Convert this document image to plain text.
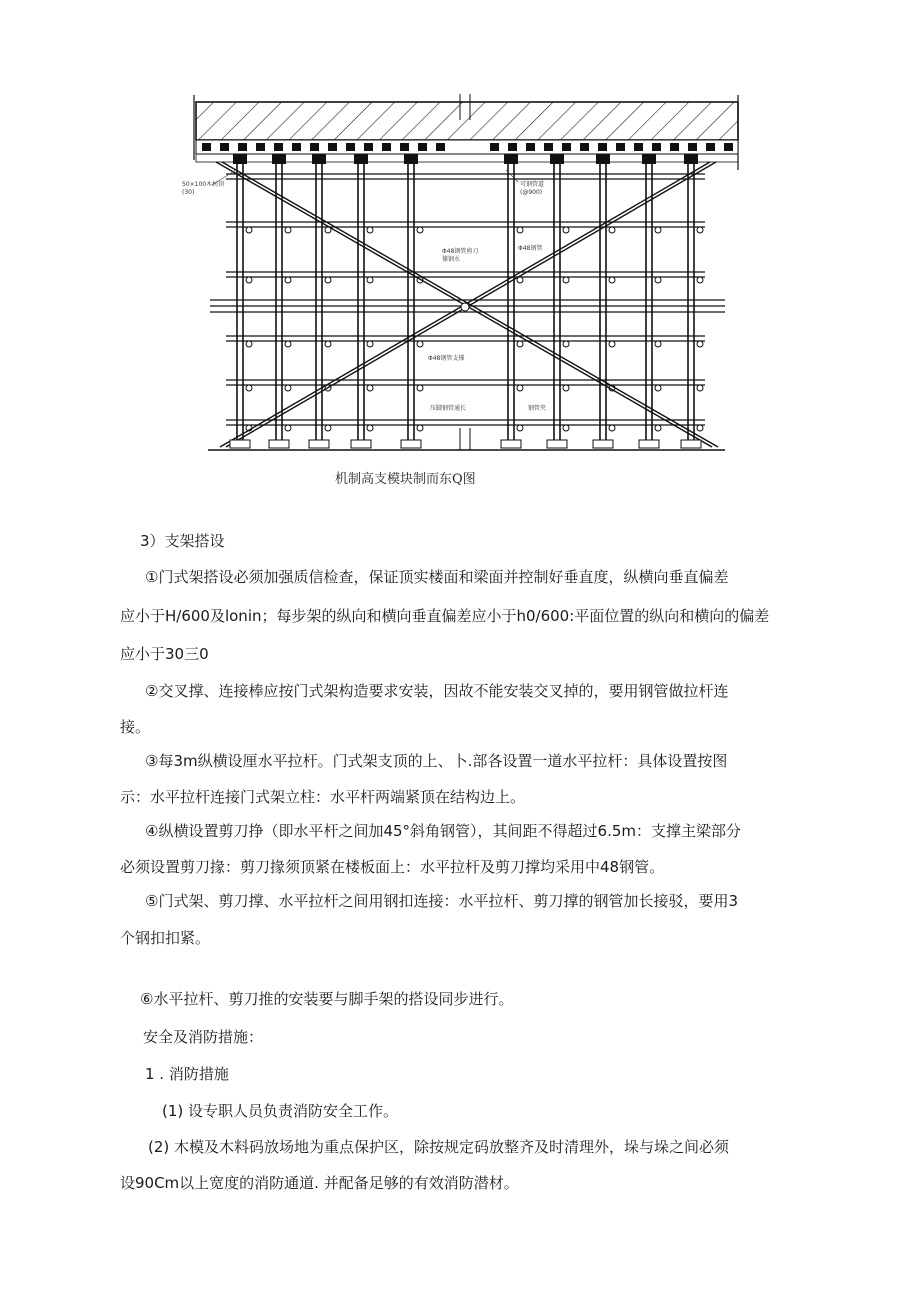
50×100木枋顶
(30)
可钢管道
(@900)
Φ48钢管剪刀
撑钢水
Φ48钢管
Φ48钢管支撑
压脚钢管通长	钢管夹
机制高支模块制而东Q图
3）支架搭设
①门式架搭设必须加强质信检查，保证顶实楼面和梁面并控制好垂直度，纵横向垂直偏差
应小于H/600及lonin；每步架的纵向和横向垂直偏差应小于h0/600:平面位置的纵向和横向的偏差
应小于30三0
②交叉撑、连接棒应按门式架构造要求安装，因故不能安装交叉掉的，要用钢管做拉杆连
接。
③每3m纵横设厘水平拉杆。门式架支顶的上、卜.部各设置一道水平拉杆：具体设置按图
示：水平拉杆连接门式架立柱：水平杆两端紧顶在结构边上。
④纵横设置剪刀挣（即水平杆之间加45°斜角钢管），其间距不得超过6.5m：支撑主梁部分
必须设置剪刀掾：剪刀掾须顶紧在楼板面上：水平拉杆及剪刀撑均采用中48钢管。
⑤门式架、剪刀撑、水平拉杆之间用钢扣连接：水平拉杆、剪刀撑的钢管加长接驳，要用3
个钢扣扣紧。
⑥水平拉杆、剪刀推的安装要与脚手架的搭设同步进行。
安全及消防措施：
1 . 消防措施
(1) 设专职人员负责消防安全工作。
(2) 木模及木料码放场地为重点保护区，除按规定码放整齐及时清理外，垛与垛之间必须
设90Cm以上宽度的消防通道. 并配备足够的有效消防潜材。
